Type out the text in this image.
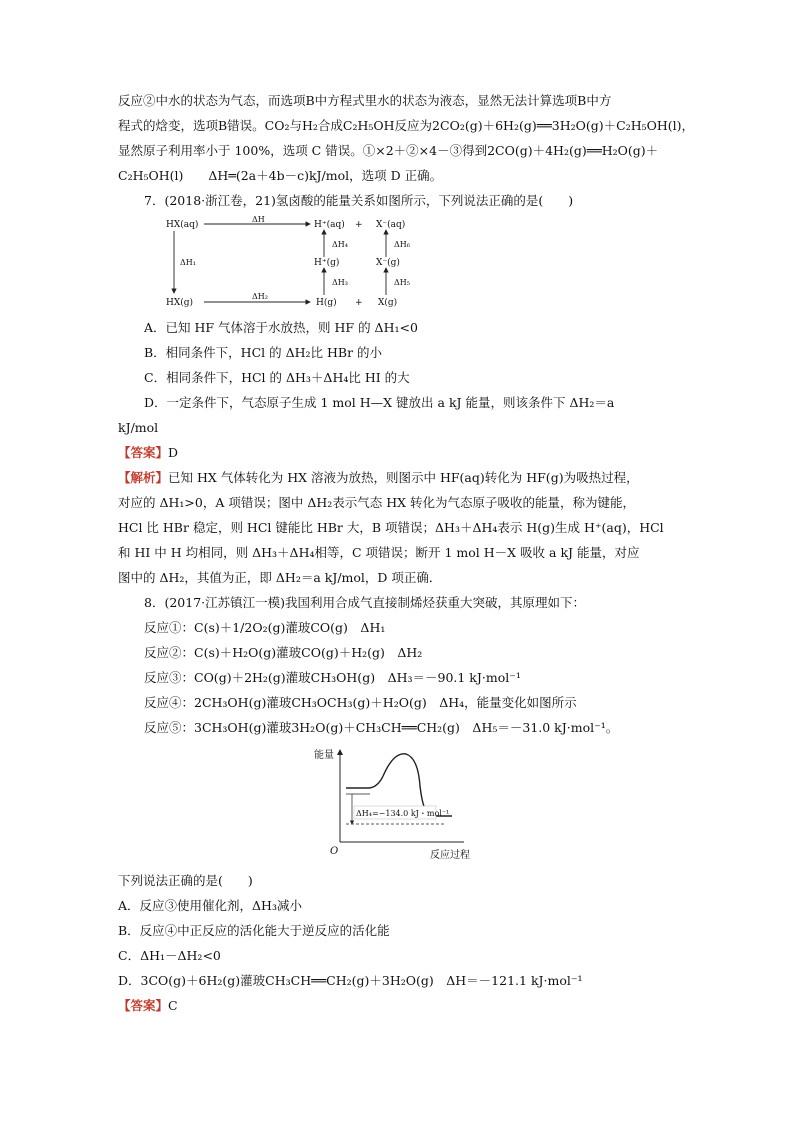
反应②中水的状态为气态，而选项B中方程式里水的状态为液态，显然无法计算选项B中方
程式的焓变，选项B错误。CO₂与H₂合成C₂H₅OH反应为2CO₂(g)＋6H₂(g)══3H₂O(g)＋C₂H₅OH(l)，
显然原子利用率小于 100%，选项 C 错误。①×2＋②×4－③得到2CO(g)＋4H₂(g)══H₂O(g)＋
C₂H₅OH(l)　　ΔH═(2a＋4b－c)kJ/mol，选项 D 正确。
7．(2018·浙江卷，21)氢卤酸的能量关系如图所示，下列说法正确的是(　　)
HX(aq)
HX(g)
H⁺(aq) + X⁻(aq)
H⁺(g)	X⁻(g)
H(g) + X(g)
ΔH
ΔH₁
ΔH₂
ΔH₃
ΔH₄
ΔH₅
ΔH₆
A．已知 HF 气体溶于水放热，则 HF 的 ΔH₁<0
B．相同条件下，HCl 的 ΔH₂比 HBr 的小
C．相同条件下，HCl 的 ΔH₃＋ΔH₄比 HI 的大
D．一定条件下，气态原子生成 1 mol H—X 键放出 a kJ 能量，则该条件下 ΔH₂＝a
kJ/mol
【答案】D
【解析】已知 HX 气体转化为 HX 溶液为放热，则图示中 HF(aq)转化为 HF(g)为吸热过程，
对应的 ΔH₁>0，A 项错误；图中 ΔH₂表示气态 HX 转化为气态原子吸收的能量，称为键能，
HCl 比 HBr 稳定，则 HCl 键能比 HBr 大，B 项错误；ΔH₃＋ΔH₄表示 H(g)生成 H⁺(aq)，HCl
和 HI 中 H 均相同，则 ΔH₃＋ΔH₄相等，C 项错误；断开 1 mol H－X 吸收 a kJ 能量，对应
图中的 ΔH₂，其值为正，即 ΔH₂＝a kJ/mol，D 项正确．
8．(2017·江苏镇江一模)我国利用合成气直接制烯烃获重大突破，其原理如下：
反应①：C(s)＋1/2O₂(g)灌玻CO(g)　ΔH₁
反应②：C(s)＋H₂O(g)灌玻CO(g)＋H₂(g)　ΔH₂
反应③：CO(g)＋2H₂(g)灌玻CH₃OH(g)　ΔH₃＝－90.1 kJ·mol⁻¹
反应④：2CH₃OH(g)灌玻CH₃OCH₃(g)＋H₂O(g)　ΔH₄，能量变化如图所示
反应⑤：3CH₃OH(g)灌玻3H₂O(g)＋CH₃CH══CH₂(g)　ΔH₅＝－31.0 kJ·mol⁻¹。
能量
反应过程
O
ΔH₄=−134.0 kJ・mol⁻¹
下列说法正确的是(　　)
A．反应③使用催化剂，ΔH₃减小
B．反应④中正反应的活化能大于逆反应的活化能
C．ΔH₁－ΔH₂<0
D．3CO(g)＋6H₂(g)灌玻CH₃CH══CH₂(g)＋3H₂O(g)　ΔH＝－121.1 kJ·mol⁻¹
【答案】C
